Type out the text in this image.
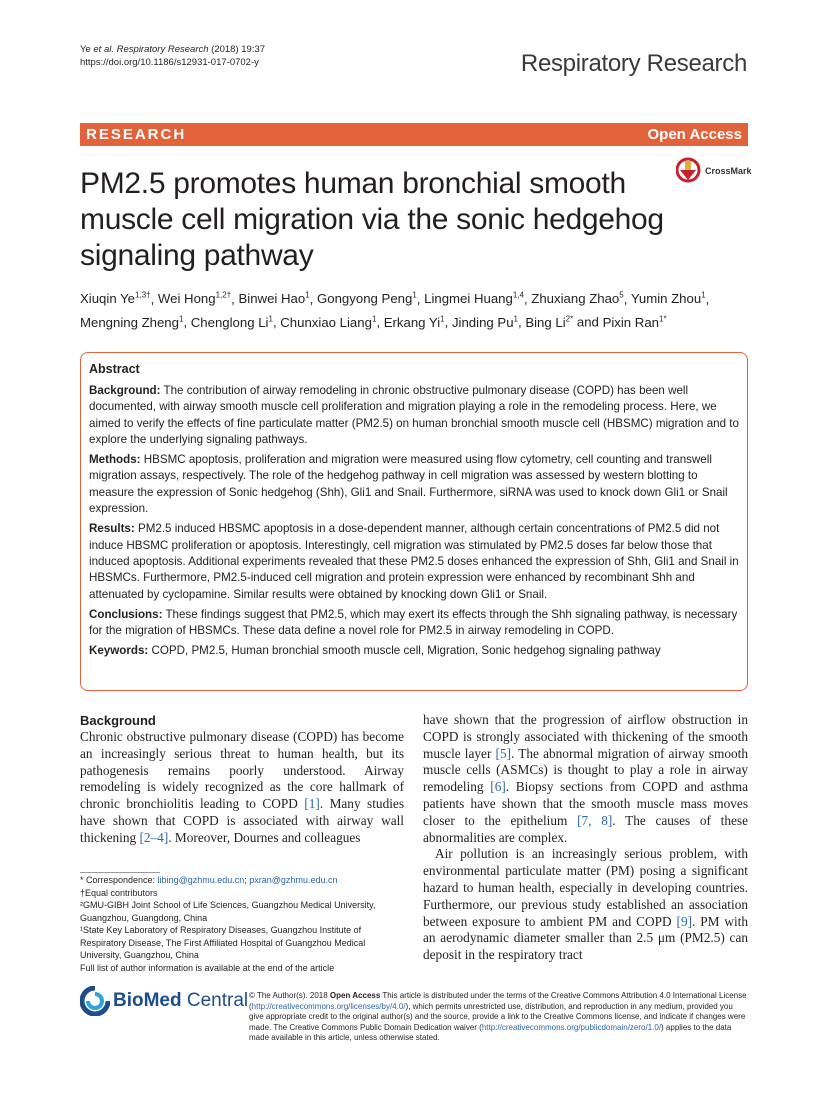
Ye et al. Respiratory Research (2018) 19:37
https://doi.org/10.1186/s12931-017-0702-y	Respiratory Research
RESEARCH	Open Access
PM2.5 promotes human bronchial smooth muscle cell migration via the sonic hedgehog signaling pathway
CrossMark
Xiuqin $Ye^{1,3\dagger}$, Wei Hong$^{1,2\dagger}$, Binwei Hao$^1$, Gongyong Peng$^1$, Lingmei Huang$^{1,4}$, Zhuxiang Zhao$^5$, Yumin Zhou$^1$, Mengning Zheng$^1$, Chenglong Li$^1$, Chunxiao Liang$^1$, Erkang Yi$^1$, Jinding Pu$^1$, Bing $Li^{2*}$ and Pixin Ran$^{1*}$
Abstract

Background: The contribution of airway remodeling in chronic obstructive pulmonary disease (COPD) has been well documented, with airway smooth muscle cell proliferation and migration playing a role in the remodeling process. Here, we aimed to verify the effects of fine particulate matter (PM2.5) on human bronchial smooth muscle cell (HBSMC) migration and to explore the underlying signaling pathways.

Methods: HBSMC apoptosis, proliferation and migration were measured using flow cytometry, cell counting and transwell migration assays, respectively. The role of the hedgehog pathway in cell migration was assessed by western blotting to measure the expression of Sonic hedgehog (Shh), Gli1 and Snail. Furthermore, siRNA was used to knock down Gli1 or Snail expression.

Results: PM2.5 induced HBSMC apoptosis in a dose-dependent manner, although certain concentrations of PM2.5 did not induce HBSMC proliferation or apoptosis. Interestingly, cell migration was stimulated by PM2.5 doses far below those that induced apoptosis. Additional experiments revealed that these PM2.5 doses enhanced the expression of Shh, Gli1 and Snail in HBSMCs. Furthermore, PM2.5-induced cell migration and protein expression were enhanced by recombinant Shh and attenuated by cyclopamine. Similar results were obtained by knocking down Gli1 or Snail.

Conclusions: These findings suggest that PM2.5, which may exert its effects through the Shh signaling pathway, is necessary for the migration of HBSMCs. These data define a novel role for PM2.5 in airway remodeling in COPD.

Keywords: COPD, PM2.5, Human bronchial smooth muscle cell, Migration, Sonic hedgehog signaling pathway

Background

Chronic obstructive pulmonary disease (COPD) has become an increasingly serious threat to human health, but its pathogenesis remains poorly understood. Airway remodeling is widely recognized as the core hallmark of chronic bronchiolitis leading to COPD [1]. Many studies have shown that COPD is associated with airway wall thickening [2–4]. Moreover, Dournes and colleagues

have shown that the progression of airflow obstruction in COPD is strongly associated with thickening of the smooth muscle layer [5]. The abnormal migration of airway smooth muscle cells (ASMCs) is thought to play a role in airway remodeling [6]. Biopsy sections from COPD and asthma patients have shown that the smooth muscle mass moves closer to the epithelium [7, 8]. The causes of these abnormalities are complex.

Air pollution is an increasingly serious problem, with environmental particulate matter (PM) posing a significant hazard to human health, especially in developing countries. Furthermore, our previous study established an association between exposure to ambient PM and COPD [9]. PM with an aerodynamic diameter smaller than 2.5 μm (PM2.5) can deposit in the respiratory tract

* Correspondence: libing@gzhmu.edu.cn; pxran@gzhmu.edu.cn
†Equal contributors
²GMU-GIBH Joint School of Life Sciences, Guangzhou Medical University, Guangzhou, Guangdong, China
¹State Key Laboratory of Respiratory Diseases, Guangzhou Institute of Respiratory Disease, The First Affiliated Hospital of Guangzhou Medical University, Guangzhou, China
Full list of author information is available at the end of the article
BioMed Central © The Author(s). 2018 Open Access This article is distributed under the terms of the Creative Commons Attribution 4.0 International License (http://creativecommons.org/licenses/by/4.0/), which permits unrestricted use, distribution, and reproduction in any medium, provided you give appropriate credit to the original author(s) and the source, provide a link to the Creative Commons license, and indicate if changes were made. The Creative Commons Public Domain Dedication waiver (http://creativecommons.org/publicdomain/zero/1.0/) applies to the data made available in this article, unless otherwise stated.
